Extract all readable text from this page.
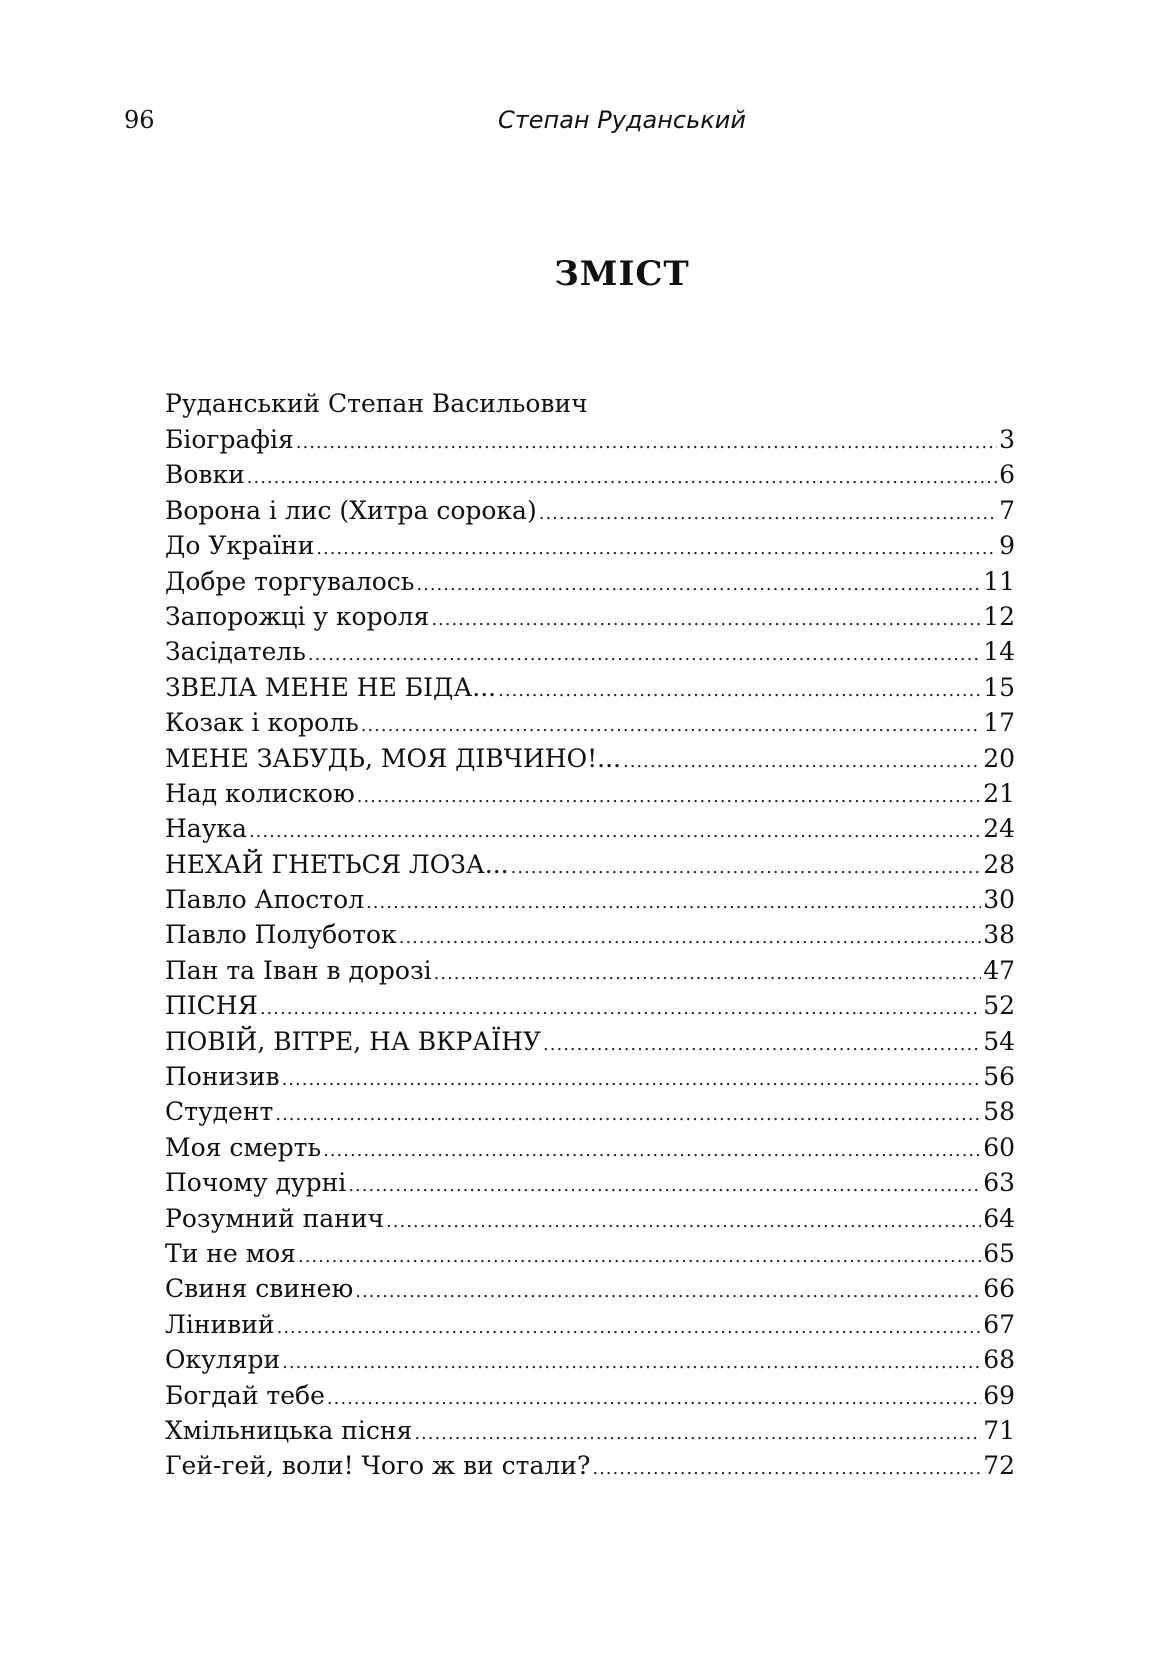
96	Степан Руданський
ЗМІСТ
Руданський Степан Васильович
Біографія .....	3
Вовки .....	6
Ворона і лис (Хитра сорока) .....	7
До України .....	9
Добре торгувалось .....	11
Запорожці у короля .....	12
Засідатель .....	14
ЗВЕЛА МЕНЕ НЕ БІДА... .....	15
Козак і король .....	17
МЕНЕ ЗАБУДЬ, МОЯ ДІВЧИНО!... .....	20
Над колискою .....	21
Наука .....	24
НЕХАЙ ГНЕТЬСЯ ЛОЗА... .....	28
Павло Апостол .....	30
Павло Полуботок .....	38
Пан та Іван в дорозі .....	47
ПІСНЯ .....	52
ПОВІЙ, ВІТРЕ, НА ВКРАЇНУ .....	54
Понизив .....	56
Студент .....	58
Моя смерть .....	60
Почому дурні .....	63
Розумний панич .....	64
Ти не моя .....	65
Свиня свинею .....	66
Лінивий .....	67
Окуляри .....	68
Богдай тебе .....	69
Хмільницька пісня .....	71
Гей-гей, воли! Чого ж ви стали? .....	72
